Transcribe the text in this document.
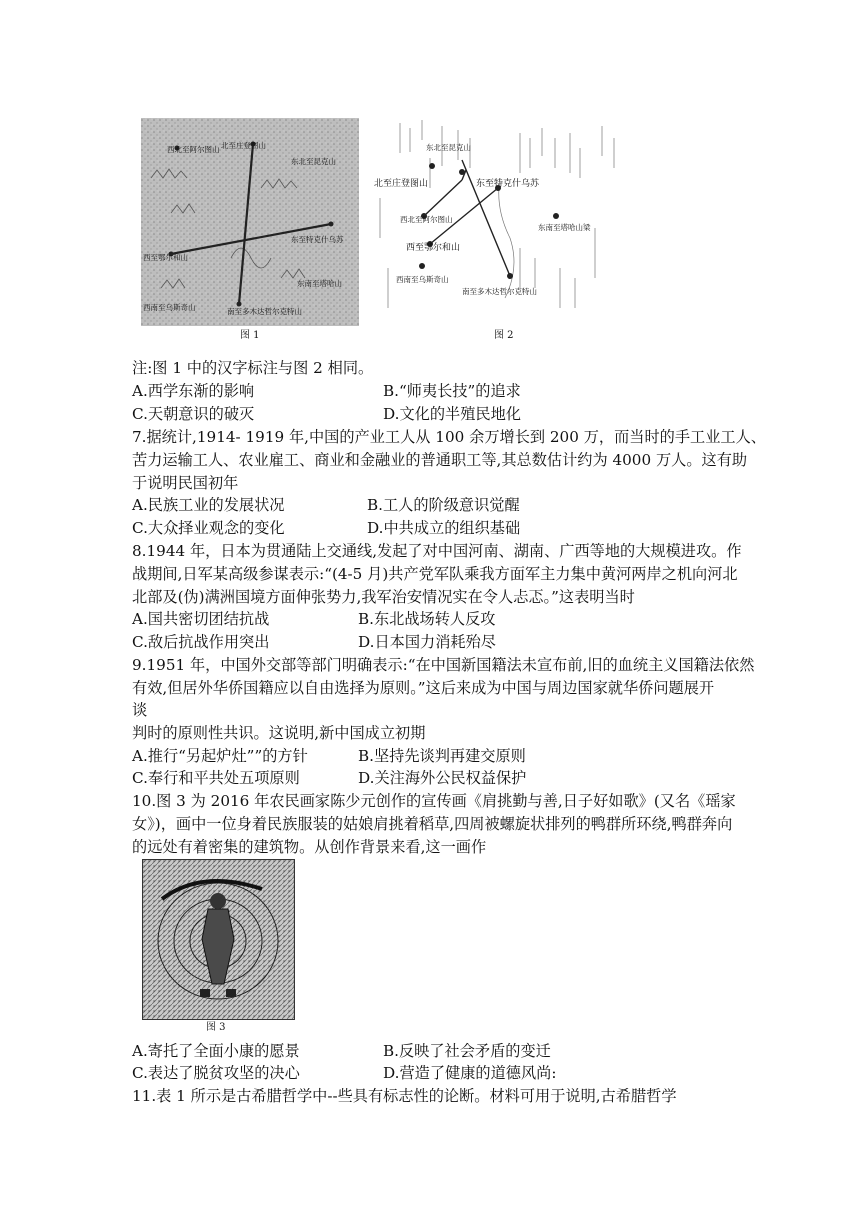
北至庄登图山
东北至昆克山
西北至阿尔图山
东至特克什乌苏
西至鄂尔和山
西南至乌斯奇山	南至多木达哲尔克特山
东南至塔哈山
图 1
东北至昆克山
北至庄登图山	东至特克什乌苏
西北至阿尔图山
东南至塔哈山梁
西至鄂尔和山
西南至乌斯奇山
南至多木达哲尔克特山
图 2
注:图 1 中的汉字标注与图 2 相同。
A.西学东渐的影响	B.“师夷长技”的追求
C.天朝意识的破灭	D.文化的半殖民地化
7.据统计,1914- 1919 年,中国的产业工人从 100 余万增长到 200 万，而当时的手工业工人、
苦力运输工人、农业雇工、商业和金融业的普通职工等,其总数估计约为 4000 万人。这有助
于说明民国初年
A.民族工业的发展状况	B.工人的阶级意识觉醒
C.大众择业观念的变化	D.中共成立的组织基础
8.1944 年，日本为贯通陆上交通线,发起了对中国河南、湖南、广西等地的大规模进攻。作
战期间,日军某高级参谋表示:“(4-5 月)共产党军队乘我方面军主力集中黄河两岸之机向河北
北部及(伪)满洲国境方面伸张势力,我军治安情况实在令人忐忑。”这表明当时
A.国共密切团结抗战	B.东北战场转人反攻
C.敌后抗战作用突出	D.日本国力消耗殆尽
9.1951 年，中国外交部等部门明确表示:“在中国新国籍法未宣布前,旧的血统主义国籍法依然
有效,但居外华侨国籍应以自由选择为原则。”这后来成为中国与周边国家就华侨问题展开
谈
判时的原则性共识。这说明,新中国成立初期
A.推行“另起炉灶””的方针	B.坚持先谈判再建交原则
C.奉行和平共处五项原则	D.关注海外公民权益保护
10.图 3 为 2016 年农民画家陈少元创作的宣传画《肩挑勤与善,日子好如歌》(又名《瑶家
女》)，画中一位身着民族服装的姑娘肩挑着稻草,四周被螺旋状排列的鸭群所环绕,鸭群奔向
的远处有着密集的建筑物。从创作背景来看,这一画作
图 3
A.寄托了全面小康的愿景	B.反映了社会矛盾的变迁
C.表达了脱贫攻坚的决心	D.营造了健康的道德风尚:
11.表 1 所示是古希腊哲学中--些具有标志性的论断。材料可用于说明,古希腊哲学
